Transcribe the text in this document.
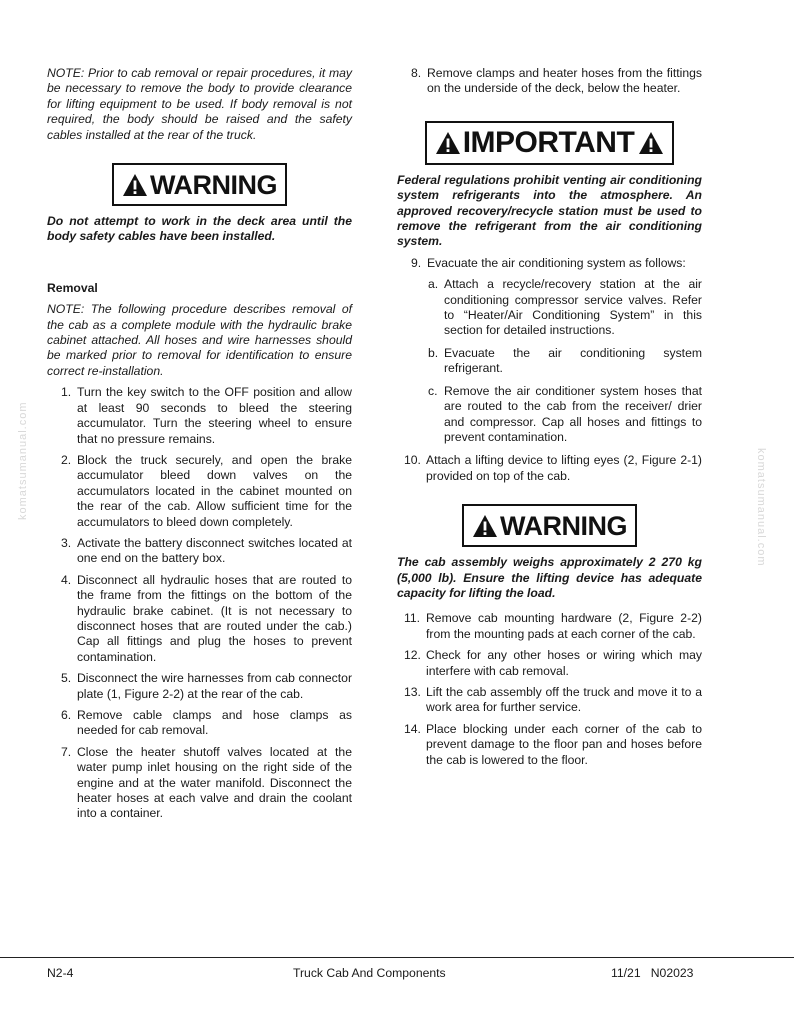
komatsumanual.com	komatsumanual.com

NOTE: Prior to cab removal or repair procedures, it may be necessary to remove the body to provide clearance for lifting equipment to be used. If body removal is not required, the body should be raised and the safety cables installed at the rear of the truck.

WARNING

Do not attempt to work in the deck area until the body safety cables have been installed.

Removal

NOTE: The following procedure describes removal of the cab as a complete module with the hydraulic brake cabinet attached. All hoses and wire harnesses should be marked prior to removal for identification to ensure correct re-installation.

1. Turn the key switch to the OFF position and allow at least 90 seconds to bleed the steering accumulator. Turn the steering wheel to ensure that no pressure remains.
2. Block the truck securely, and open the brake accumulator bleed down valves on the accumulators located in the cabinet mounted on the rear of the cab. Allow sufficient time for the accumulators to bleed down completely.
3. Activate the battery disconnect switches located at one end on the battery box.
4. Disconnect all hydraulic hoses that are routed to the frame from the fittings on the bottom of the hydraulic brake cabinet. (It is not necessary to disconnect hoses that are routed under the cab.) Cap all fittings and plug the hoses to prevent contamination.
5. Disconnect the wire harnesses from cab connector plate (1, Figure 2-2) at the rear of the cab.
6. Remove cable clamps and hose clamps as needed for cab removal.
7. Close the heater shutoff valves located at the water pump inlet housing on the right side of the engine and at the water manifold. Disconnect the heater hoses at each valve and drain the coolant into a container.
8. Remove clamps and heater hoses from the fittings on the underside of the deck, below the heater.
IMPORTANT

Federal regulations prohibit venting air conditioning system refrigerants into the atmosphere. An approved recovery/recycle station must be used to remove the refrigerant from the air conditioning system.

9. Evacuate the air conditioning system as follows:
a. Attach a recycle/recovery station at the air conditioning compressor service valves. Refer to “Heater/Air Conditioning System” in this section for detailed instructions.
b. Evacuate the air conditioning system refrigerant.
c. Remove the air conditioner system hoses that are routed to the cab from the receiver/ drier and compressor. Cap all hoses and fittings to prevent contamination.
10. Attach a lifting device to lifting eyes (2, Figure 2-1) provided on top of the cab.
WARNING

The cab assembly weighs approximately 2 270 kg (5,000 lb). Ensure the lifting device has adequate capacity for lifting the load.

11. Remove cab mounting hardware (2, Figure 2-2) from the mounting pads at each corner of the cab.
12. Check for any other hoses or wiring which may interfere with cab removal.
13. Lift the cab assembly off the truck and move it to a work area for further service.
14. Place blocking under each corner of the cab to prevent damage to the floor pan and hoses before the cab is lowered to the floor.
N2-4	Truck Cab And Components	11/21   N02023
